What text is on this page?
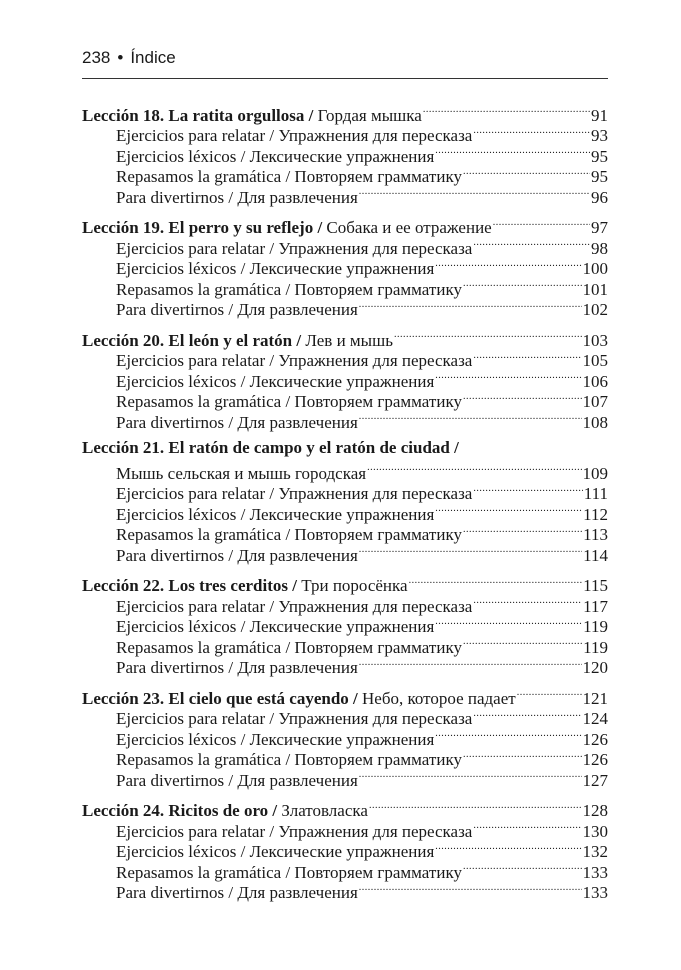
238 • Índice
Lección 18. La ratita orgullosa /
Гордая мышка .....	91
Ejercicios para relatar / Упражнения для пересказа .....	93
Ejercicios léxicos / Лексические упражнения .....	95
Repasamos la gramática / Повторяем грамматику .....	95
Para divertirnos / Для развлечения .....	96
Lección 19. El perro y su reflejo /
Собака и ее отражение .....	97
Ejercicios para relatar / Упражнения для пересказа .....	98
Ejercicios léxicos / Лексические упражнения .....	100
Repasamos la gramática / Повторяем грамматику .....	101
Para divertirnos / Для развлечения .....	102
Lección 20. El león y el ratón /
Лев и мышь .....	103
Ejercicios para relatar / Упражнения для пересказа .....	105
Ejercicios léxicos / Лексические упражнения .....	106
Repasamos la gramática / Повторяем грамматику .....	107
Para divertirnos / Для развлечения .....	108
Lección 21. El ratón de campo y el ratón de ciudad /
Мышь сельская и мышь городская .....	109
Ejercicios para relatar / Упражнения для пересказа .....	111
Ejercicios léxicos / Лексические упражнения .....	112
Repasamos la gramática / Повторяем грамматику .....	113
Para divertirnos / Для развлечения .....	114
Lección 22. Los tres cerditos /
Три поросёнка .....	115
Ejercicios para relatar / Упражнения для пересказа .....	117
Ejercicios léxicos / Лексические упражнения .....	119
Repasamos la gramática / Повторяем грамматику .....	119
Para divertirnos / Для развлечения .....	120
Lección 23. El cielo que está cayendo /
Небо, которое падает .....	121
Ejercicios para relatar / Упражнения для пересказа .....	124
Ejercicios léxicos / Лексические упражнения .....	126
Repasamos la gramática / Повторяем грамматику .....	126
Para divertirnos / Для развлечения .....	127
Lección 24. Ricitos de oro /
Златовласка .....	128
Ejercicios para relatar / Упражнения для пересказа .....	130
Ejercicios léxicos / Лексические упражнения .....	132
Repasamos la gramática / Повторяем грамматику .....	133
Para divertirnos / Для развлечения .....	133
